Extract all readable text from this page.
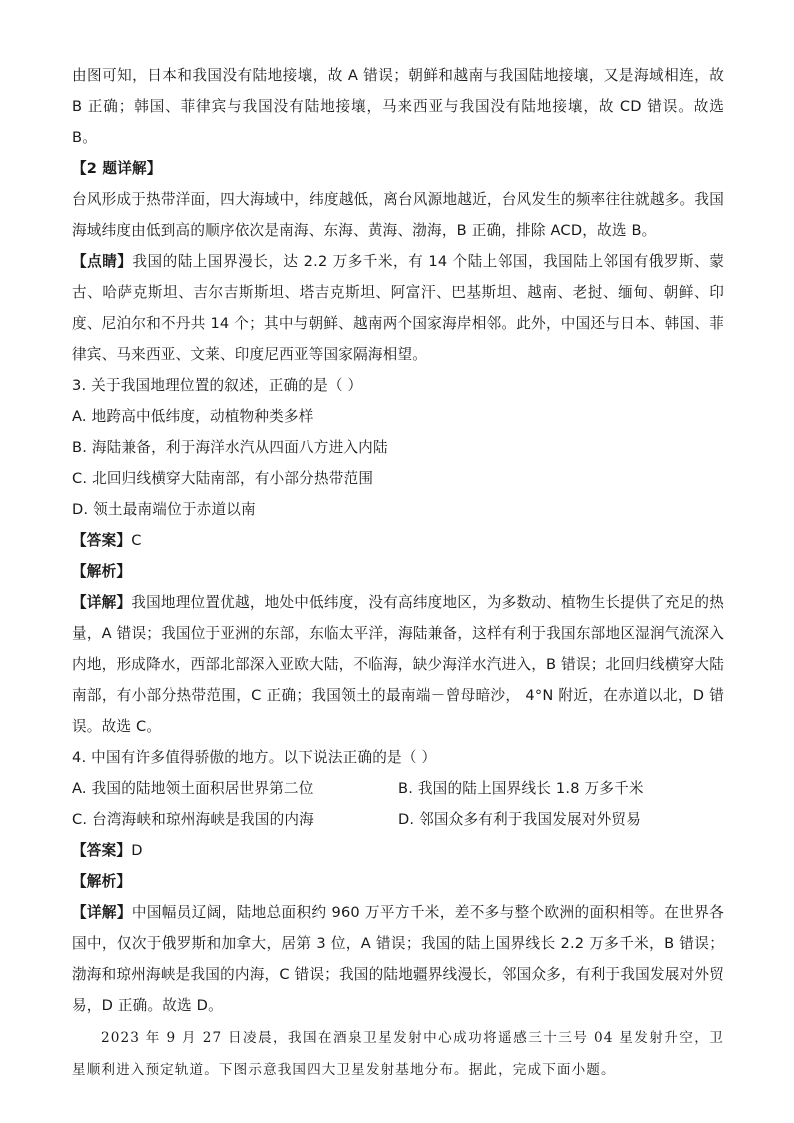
由图可知，日本和我国没有陆地接壤，故 A 错误；朝鲜和越南与我国陆地接壤，又是海域相连，故 B 正确；韩国、菲律宾与我国没有陆地接壤，马来西亚与我国没有陆地接壤，故 CD 错误。故选 B。

【2 题详解】

台风形成于热带洋面，四大海域中，纬度越低，离台风源地越近，台风发生的频率往往就越多。我国海域纬度由低到高的顺序依次是南海、东海、黄海、渤海，B 正确，排除 ACD，故选 B。

【点睛】我国的陆上国界漫长，达 2.2 万多千米，有 14 个陆上邻国，我国陆上邻国有俄罗斯、蒙古、哈萨克斯坦、吉尔吉斯斯坦、塔吉克斯坦、阿富汗、巴基斯坦、越南、老挝、缅甸、朝鲜、印度、尼泊尔和不丹共 14 个；其中与朝鲜、越南两个国家海岸相邻。此外，中国还与日本、韩国、菲律宾、马来西亚、文莱、印度尼西亚等国家隔海相望。

3. 关于我国地理位置的叙述，正确的是（ ）

A. 地跨高中低纬度，动植物种类多样

B. 海陆兼备，利于海洋水汽从四面八方进入内陆

C. 北回归线横穿大陆南部，有小部分热带范围

D. 领土最南端位于赤道以南

【答案】C

【解析】

【详解】我国地理位置优越，地处中低纬度，没有高纬度地区，为多数动、植物生长提供了充足的热量，A 错误；我国位于亚洲的东部，东临太平洋，海陆兼备，这样有利于我国东部地区湿润气流深入内地，形成降水，西部北部深入亚欧大陆，不临海，缺少海洋水汽进入，B 错误；北回归线横穿大陆南部，有小部分热带范围，C 正确；我国领土的最南端－曾母暗沙， 4°N 附近，在赤道以北，D 错误。故选 C。

4. 中国有许多值得骄傲的地方。以下说法正确的是（ ）

A. 我国的陆地领土面积居世界第二位	B. 我国的陆上国界线长 1.8 万多千米

C. 台湾海峡和琼州海峡是我国的内海	D. 邻国众多有利于我国发展对外贸易

【答案】D

【解析】

【详解】中国幅员辽阔，陆地总面积约 960 万平方千米，差不多与整个欧洲的面积相等。在世界各国中，仅次于俄罗斯和加拿大，居第 3 位，A 错误；我国的陆上国界线长 2.2 万多千米，B 错误；渤海和琼州海峡是我国的内海，C 错误；我国的陆地疆界线漫长，邻国众多，有利于我国发展对外贸易，D 正确。故选 D。

2023 年 9 月 27 日凌晨，我国在酒泉卫星发射中心成功将遥感三十三号 04 星发射升空，卫星顺利进入预定轨道。下图示意我国四大卫星发射基地分布。据此，完成下面小题。
